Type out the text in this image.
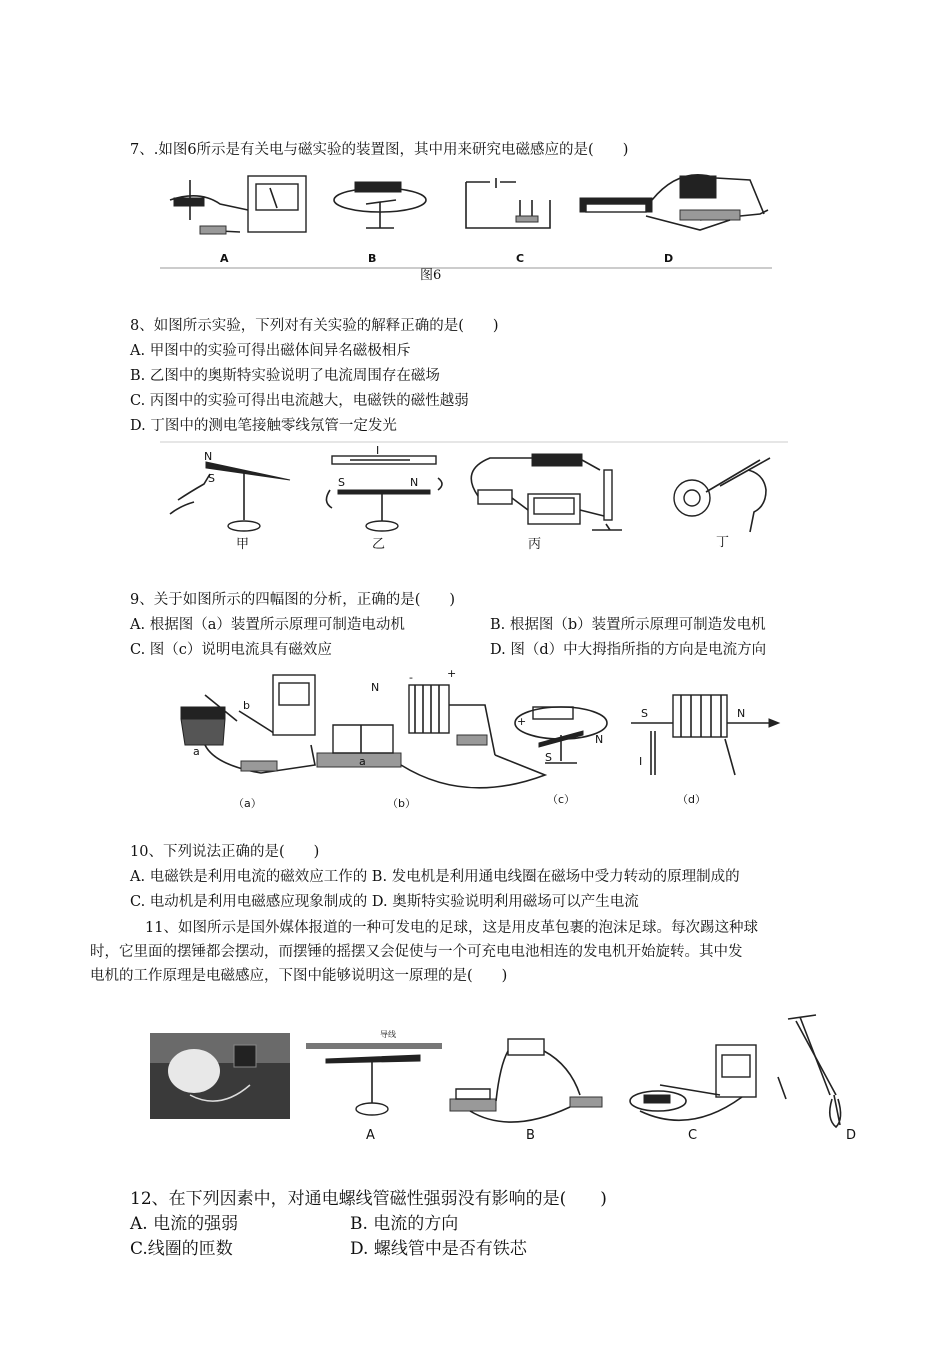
7、.如图6所示是有关电与磁实验的装置图，其中用来研究电磁感应的是(　　)
A	B	C	D
图6
8、如图所示实验，下列对有关实验的解释正确的是(　　)
A. 甲图中的实验可得出磁体间异名磁极相斥
B. 乙图中的奥斯特实验说明了电流周围存在磁场
C. 丙图中的实验可得出电流越大，电磁铁的磁性越弱
D. 丁图中的测电笔接触零线氖管一定发光
N
S
I
S	N
甲	乙	丙	丁
9、关于如图所示的四幅图的分析，正确的是(　　)
A. 根据图（a）装置所示原理可制造电动机	B. 根据图（b）装置所示原理可制造发电机
C. 图（c）说明电流具有磁效应	D. 图（d）中大拇指所指的方向是电流方向
b
a
N
-	+
a
+
N
S
S	N
I
（a）	（b）	（c）	（d）
10、下列说法正确的是(　　)
A. 电磁铁是利用电流的磁效应工作的 B. 发电机是利用通电线圈在磁场中受力转动的原理制成的
C. 电动机是利用电磁感应现象制成的 D. 奥斯特实验说明利用磁场可以产生电流
11、如图所示是国外媒体报道的一种可发电的足球，这是用皮革包裹的泡沫足球。每次踢这种球
时，它里面的摆锤都会摆动，而摆锤的摇摆又会促使与一个可充电电池相连的发电机开始旋转。其中发
电机的工作原理是电磁感应，下图中能够说明这一原理的是(　　)
导线
A	B	C	D
12、在下列因素中，对通电螺线管磁性强弱没有影响的是(　　)
A. 电流的强弱	B. 电流的方向
C.线圈的匝数	D. 螺线管中是否有铁芯
